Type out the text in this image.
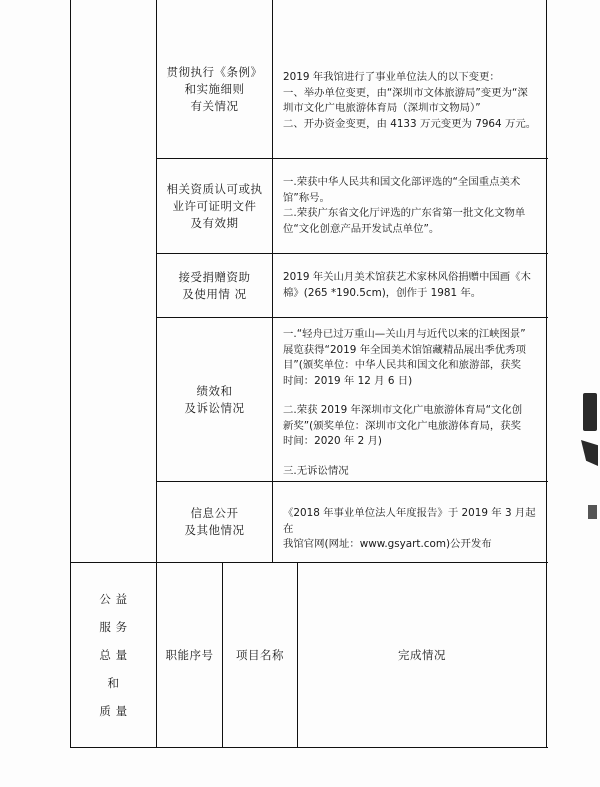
贯彻执行《条例》
和实施细则
有关情况

2019 年我馆进行了事业单位法人的以下变更：

一、举办单位变更，由“深圳市文体旅游局”变更为“深

圳市文化广电旅游体育局（深圳市文物局）”

二、开办资金变更，由 4133 万元变更为 7964 万元。

相关资质认可或执
业许可证明文件
及有效期

一.荣获中华人民共和国文化部评选的“全国重点美术

馆”称号。

二.荣获广东省文化厅评选的广东省第一批文化文物单

位“文化创意产品开发试点单位”。

接受捐赠资助
及使用情 况

2019 年关山月美术馆获艺术家林风俗捐赠中国画《木

棉》(265 *190.5cm)，创作于 1981 年。

绩效和
及诉讼情况

一.“轻舟已过万重山—关山月与近代以来的江峡图景”

展览获得“2019 年全国美术馆馆藏精品展出季优秀项

目”(颁奖单位：中华人民共和国文化和旅游部，获奖

时间：2019 年 12 月 6 日)

二.荣获 2019 年深圳市文化广电旅游体育局“文化创

新奖”(颁奖单位：深圳市文化广电旅游体育局，获奖

时间：2020 年 2 月)

三.无诉讼情况

信息公开
及其他情况

《2018 年事业单位法人年度报告》于 2019 年 3 月起在

我馆官网(网址：www.gsyart.com)公开发布

公 益
服 务
总 量
和
质 量
职能序号 项目名称	完成情况
